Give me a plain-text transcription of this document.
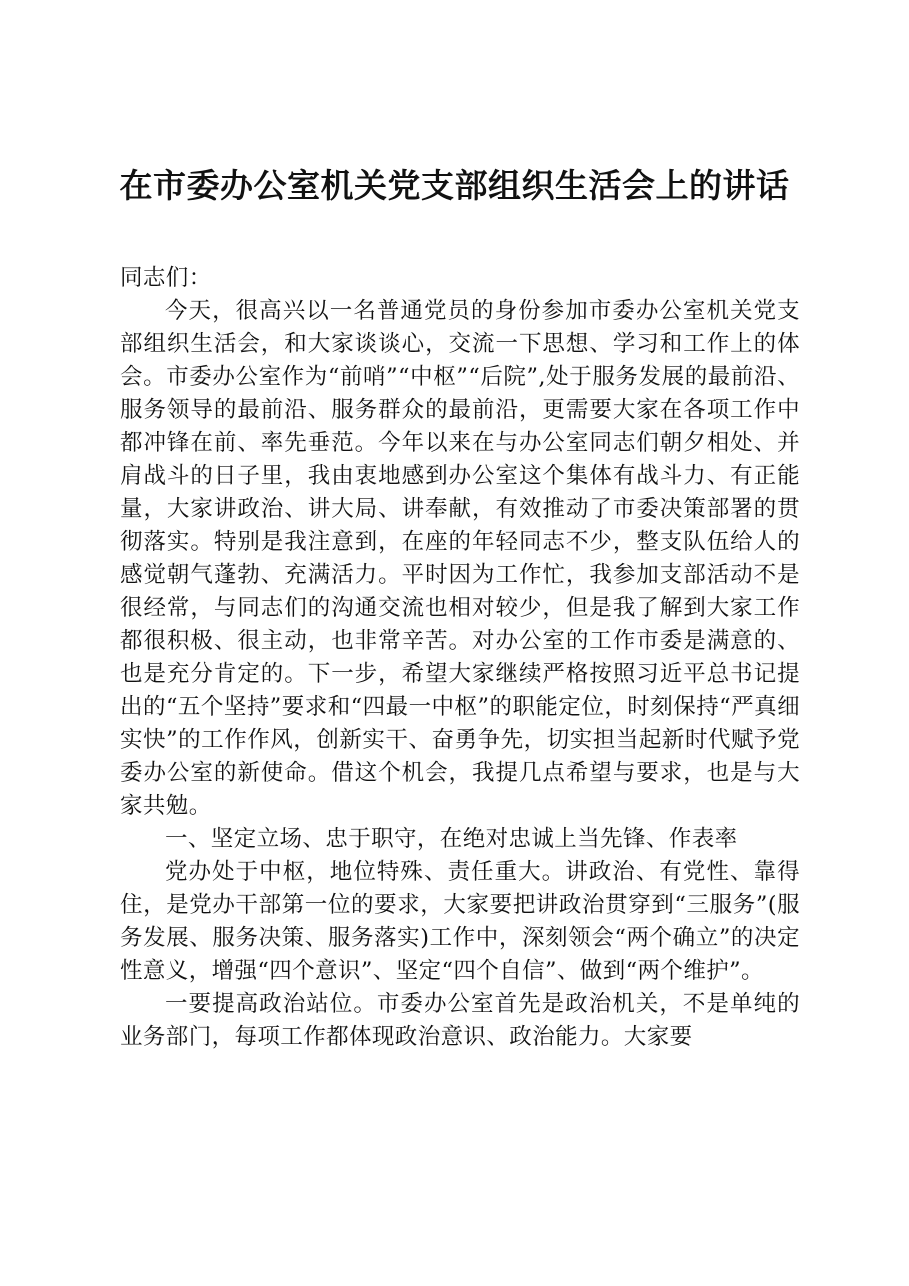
在市委办公室机关党支部组织生活会上的讲话

同志们：

今天，很高兴以一名普通党员的身份参加市委办公室机关党支部组织生活会，和大家谈谈心，交流一下思想、学习和工作上的体会。市委办公室作为“前哨”“中枢”“后院”,处于服务发展的最前沿、服务领导的最前沿、服务群众的最前沿，更需要大家在各项工作中都冲锋在前、率先垂范。今年以来在与办公室同志们朝夕相处、并肩战斗的日子里，我由衷地感到办公室这个集体有战斗力、有正能量，大家讲政治、讲大局、讲奉献，有效推动了市委决策部署的贯彻落实。特别是我注意到，在座的年轻同志不少，整支队伍给人的感觉朝气蓬勃、充满活力。平时因为工作忙，我参加支部活动不是很经常，与同志们的沟通交流也相对较少，但是我了解到大家工作都很积极、很主动，也非常辛苦。对办公室的工作市委是满意的、也是充分肯定的。下一步，希望大家继续严格按照习近平总书记提出的“五个坚持”要求和“四最一中枢”的职能定位，时刻保持“严真细实快”的工作作风，创新实干、奋勇争先，切实担当起新时代赋予党委办公室的新使命。借这个机会，我提几点希望与要求，也是与大家共勉。

一、坚定立场、忠于职守，在绝对忠诚上当先锋、作表率

党办处于中枢，地位特殊、责任重大。讲政治、有党性、靠得住，是党办干部第一位的要求，大家要把讲政治贯穿到“三服务”(服务发展、服务决策、服务落实)工作中，深刻领会“两个确立”的决定性意义，增强“四个意识”、坚定“四个自信”、做到“两个维护”。

一要提高政治站位。市委办公室首先是政治机关，不是单纯的业务部门，每项工作都体现政治意识、政治能力。大家要
